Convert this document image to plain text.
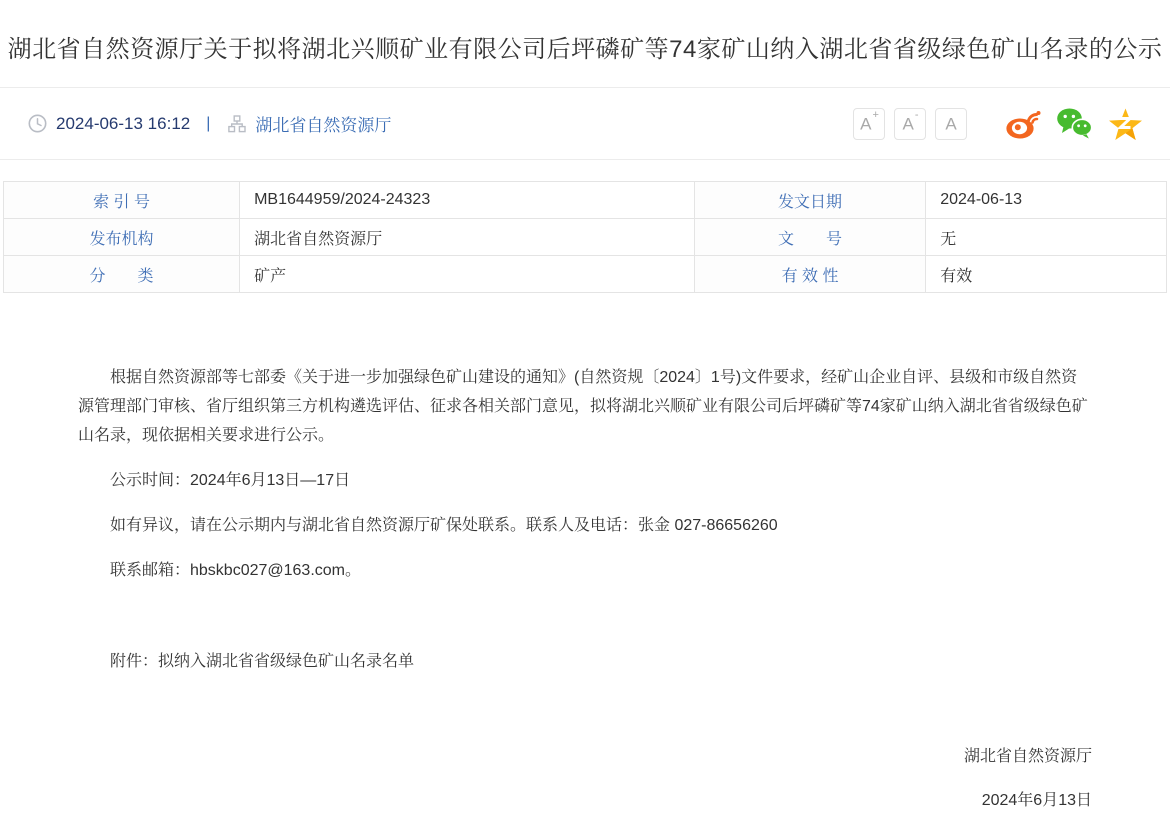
湖北省自然资源厅关于拟将湖北兴顺矿业有限公司后坪磷矿等74家矿山纳入湖北省省级绿色矿山名录的公示
2024-06-13 16:12 |	湖北省自然资源厅	A+	A-	A
索 引 号	MB1644959/2024-24323	发文日期	2024-06-13
发布机构	湖北省自然资源厅	文　　号	无
分　　类	矿产	有 效 性	有效

根据自然资源部等七部委《关于进一步加强绿色矿山建设的通知》(自然资规〔2024〕1号)文件要求，经矿山企业自评、县级和市级自然资源管理部门审核、省厅组织第三方机构遴选评估、征求各相关部门意见，拟将湖北兴顺矿业有限公司后坪磷矿等74家矿山纳入湖北省省级绿色矿山名录，现依据相关要求进行公示。

公示时间：2024年6月13日—17日

如有异议，请在公示期内与湖北省自然资源厅矿保处联系。联系人及电话：张金 027-86656260

联系邮箱：hbskbc027@163.com。

附件：拟纳入湖北省省级绿色矿山名录名单

湖北省自然资源厅
2024年6月13日
